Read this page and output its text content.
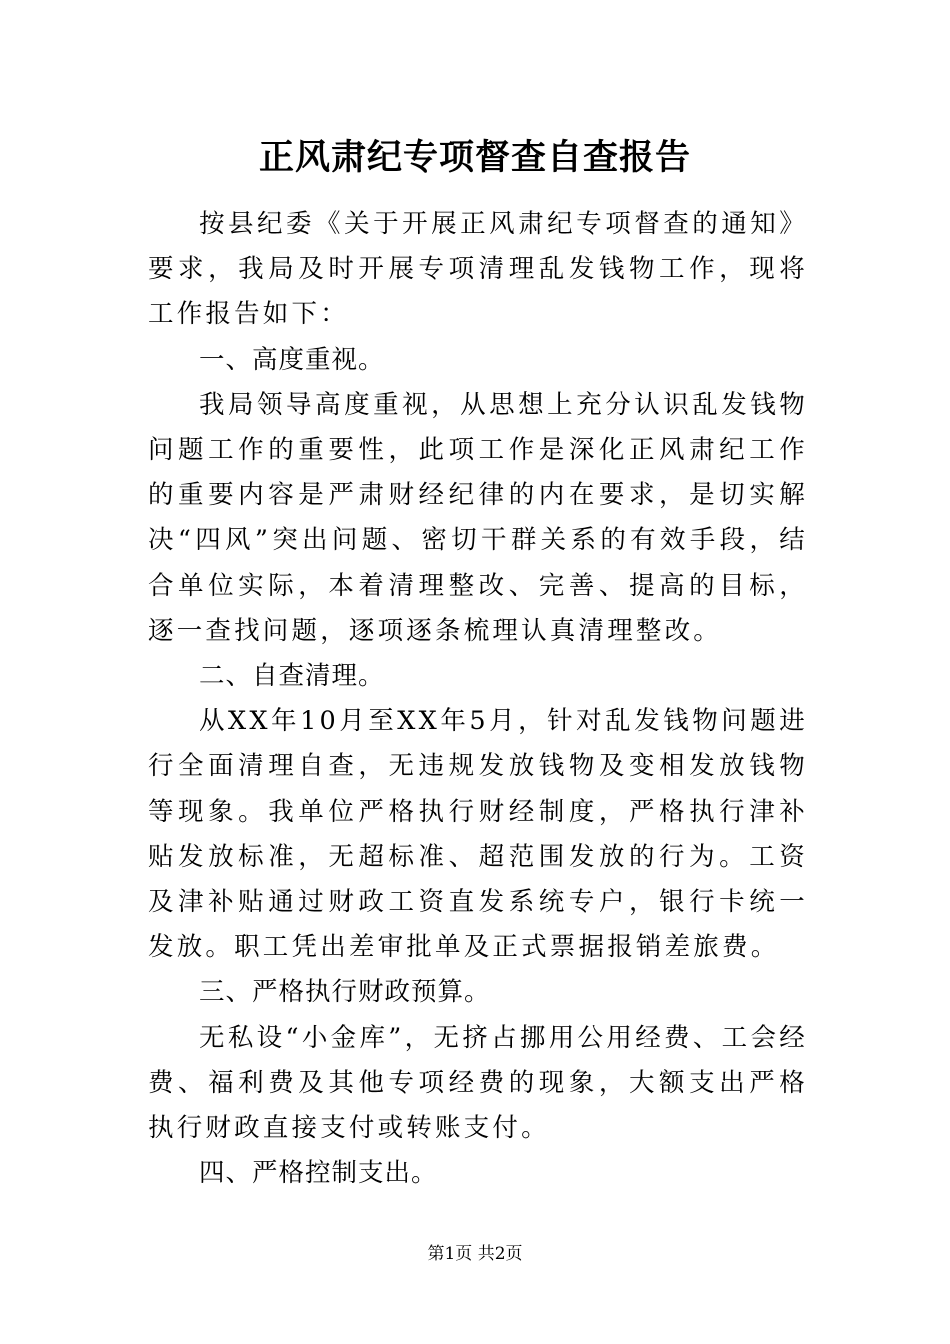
正风肃纪专项督查自查报告

按县纪委《关于开展正风肃纪专项督查的通知》要求，我局及时开展专项清理乱发钱物工作，现将工作报告如下：

一、高度重视。

我局领导高度重视，从思想上充分认识乱发钱物问题工作的重要性，此项工作是深化正风肃纪工作的重要内容是严肃财经纪律的内在要求，是切实解决“四风”突出问题、密切干群关系的有效手段，结合单位实际，本着清理整改、完善、提高的目标，逐一查找问题，逐项逐条梳理认真清理整改。

二、自查清理。

从XX年10月至XX年5月，针对乱发钱物问题进行全面清理自查，无违规发放钱物及变相发放钱物等现象。我单位严格执行财经制度，严格执行津补贴发放标准，无超标准、超范围发放的行为。工资及津补贴通过财政工资直发系统专户，银行卡统一发放。职工凭出差审批单及正式票据报销差旅费。

三、严格执行财政预算。

无私设“小金库”，无挤占挪用公用经费、工会经费、福利费及其他专项经费的现象，大额支出严格执行财政直接支付或转账支付。

四、严格控制支出。
第1页 共2页
